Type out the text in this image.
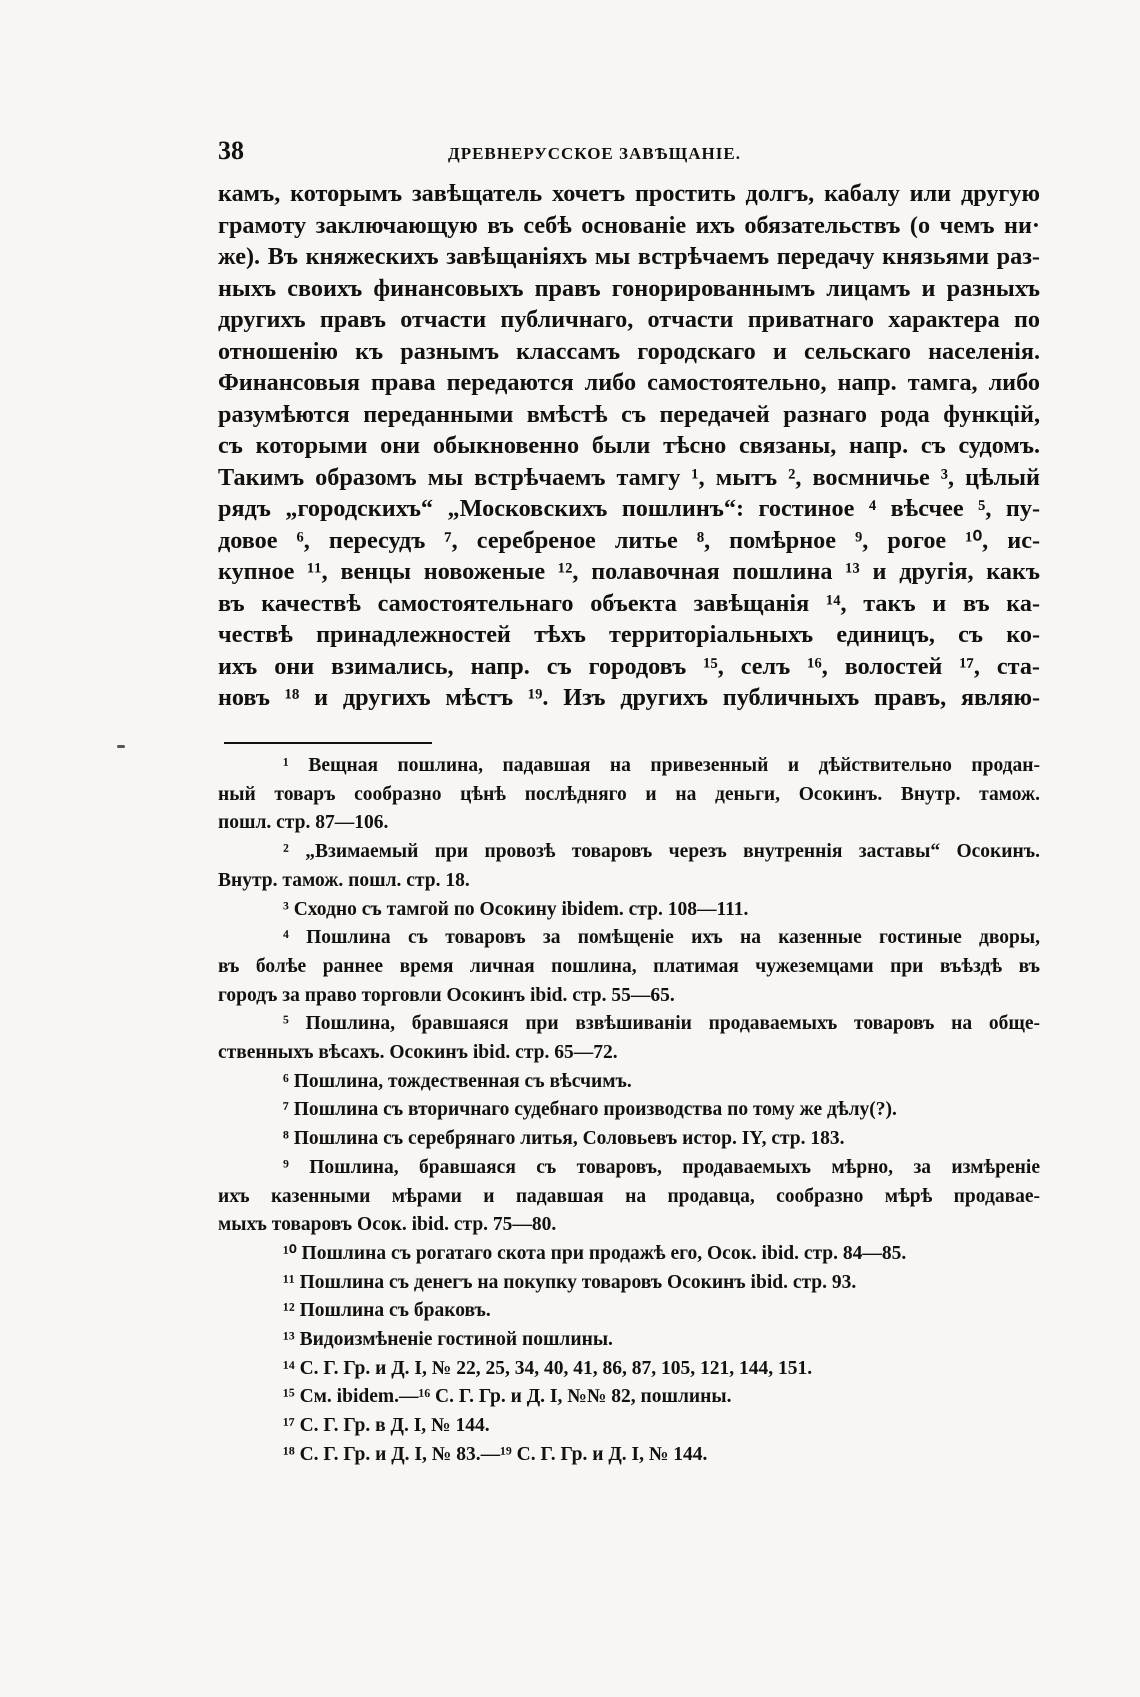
38	ДРЕВНЕРУССКОЕ ЗАВѢЩАНІЕ.
камъ, которымъ завѣщатель хочетъ простить долгъ, кабалу или другую
грамоту заключающую въ себѣ основаніе ихъ обязательствъ (о чемъ ни·
же). Въ княжескихъ завѣщаніяхъ мы встрѣчаемъ передачу князьями раз-
ныхъ своихъ финансовыхъ правъ гонорированнымъ лицамъ и разныхъ
другихъ правъ отчасти публичнаго, отчасти приватнаго характера по
отношенію къ разнымъ классамъ городскаго и сельскаго населенія.
Финансовыя права передаются либо самостоятельно, напр. тамга, либо
разумѣются переданными вмѣстѣ съ передачей разнаго рода функцій,
съ которыми они обыкновенно были тѣсно связаны, напр. съ судомъ.
Такимъ образомъ мы встрѣчаемъ тамгу ¹, мытъ ², восмничье ³, цѣлый
рядъ „городскихъ“ „Московскихъ пошлинъ“: гостиное ⁴ вѣсчее ⁵, пу-
довое ⁶, пересудъ ⁷, серебреное литье ⁸, помѣрное ⁹, рогое ¹⁰, ис-
купное ¹¹, венцы новоженые ¹², полавочная пошлина ¹³ и другія, какъ
въ качествѣ самостоятельнаго объекта завѣщанія ¹⁴, такъ и въ ка-
чествѣ принадлежностей тѣхъ территоріальныхъ единицъ, съ ко-
ихъ они взимались, напр. съ городовъ ¹⁵, селъ ¹⁶, волостей ¹⁷, ста-
новъ ¹⁸ и другихъ мѣстъ ¹⁹. Изъ другихъ публичныхъ правъ, являю-
¹ Вещная пошлина, падавшая на привезенный и дѣйствительно продан-
ный товаръ сообразно цѣнѣ послѣдняго и на деньги, Осокинъ. Внутр. тамож.
пошл. стр. 87—106.
² „Взимаемый при провозѣ товаровъ черезъ внутреннія заставы“ Осокинъ.
Внутр. тамож. пошл. стр. 18.
³ Сходно съ тамгой по Осокину ibidem. стр. 108—111.
⁴ Пошлина съ товаровъ за помѣщеніе ихъ на казенные гостиные дворы,
въ болѣе раннее время личная пошлина, платимая чужеземцами при въѣздѣ въ
городъ за право торговли Осокинъ ibid. стр. 55—65.
⁵ Пошлина, бравшаяся при взвѣшиваніи продаваемыхъ товаровъ на обще-
ственныхъ вѣсахъ. Осокинъ ibid. стр. 65—72.
⁶ Пошлина, тождественная съ вѣсчимъ.
⁷ Пошлина съ вторичнаго судебнаго производства по тому же дѣлу(?).
⁸ Пошлина съ серебрянаго литья, Соловьевъ истор. IY, стр. 183.
⁹ Пошлина, бравшаяся съ товаровъ, продаваемыхъ мѣрно, за измѣреніе
ихъ казенными мѣрами и падавшая на продавца, сообразно мѣрѣ продавае-
мыхъ товаровъ Осок. ibid. стр. 75—80.
¹⁰ Пошлина съ рогатаго скота при продажѣ его, Осок. ibid. стр. 84—85.
¹¹ Пошлина съ денегъ на покупку товаровъ Осокинъ ibid. стр. 93.
¹² Пошлина съ браковъ.
¹³ Видоизмѣненіе гостиной пошлины.
¹⁴ С. Г. Гр. и Д. I, № 22, 25, 34, 40, 41, 86, 87, 105, 121, 144, 151.
¹⁵ См. ibidem.—¹⁶ С. Г. Гр. и Д. I, №№ 82, пошлины.
¹⁷ С. Г. Гр. в Д. I, № 144.
¹⁸ С. Г. Гр. и Д. I, № 83.—¹⁹ С. Г. Гр. и Д. I, № 144.
